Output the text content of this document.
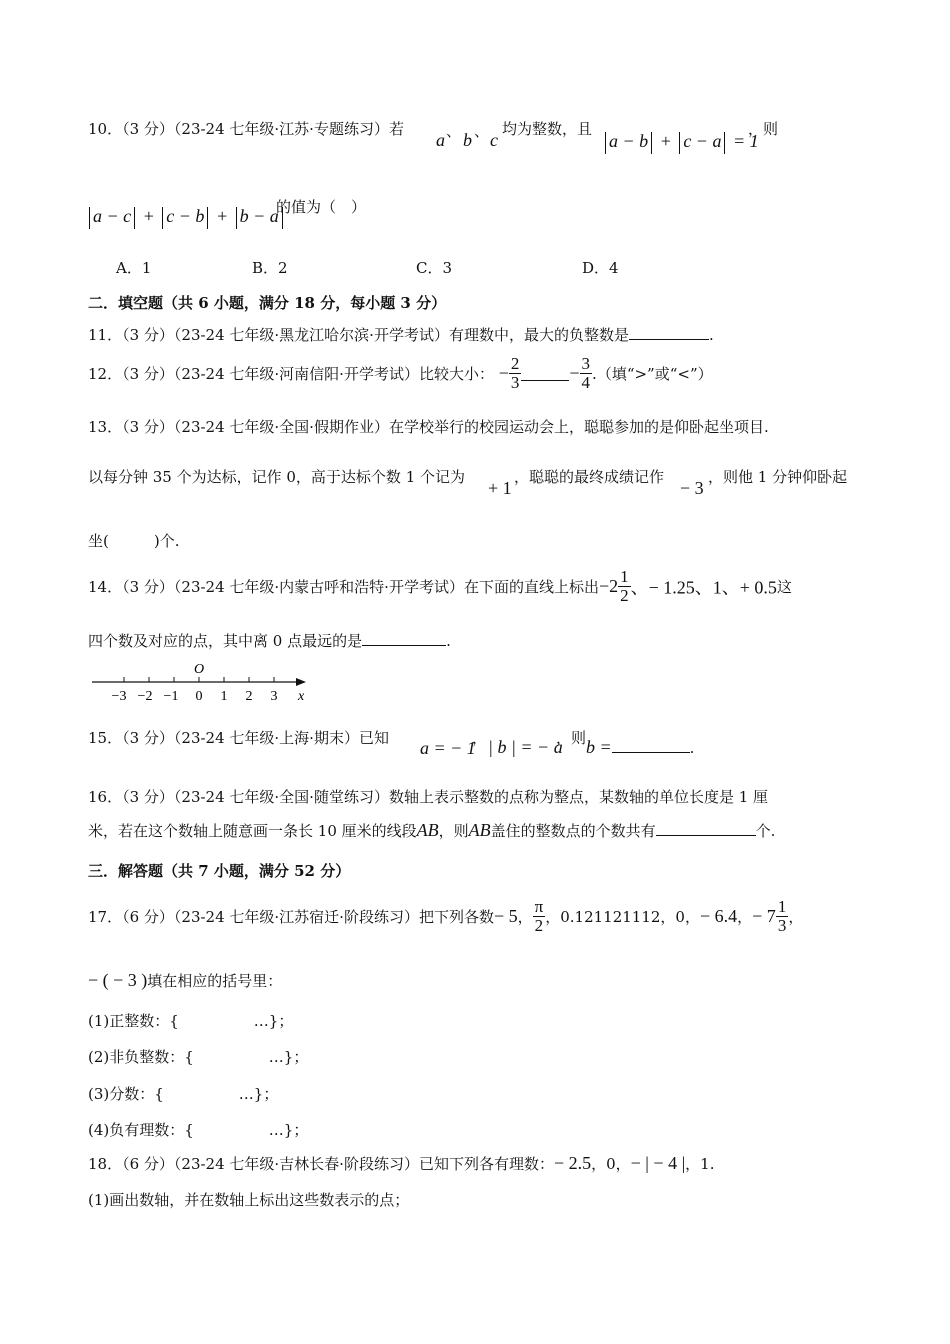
10．（3 分）（23-24 七年级·江苏·专题练习）若
a 、 b 、 c
均为整数，且
a − b + c − a = 1
，则
a − c + c − b + b − a
的值为（　）
A．1	B．2	C．3	D．4
二．填空题（共 6 小题，满分 18 分，每小题 3 分）
11．（3 分）（23-24 七年级·黑龙江哈尔滨·开学考试）有理数中，最大的负整数是	.
12．（3 分）（23-24 七年级·河南信阳·开学考试）比较大小： − $\frac{2}{3}$	− $\frac{3}{4}$ .（填“>”或“<”）
13．（3 分）（23-24 七年级·全国·假期作业）在学校举行的校园运动会上，聪聪参加的是仰卧起坐项目.
以每分钟 35 个为达标，记作 0，高于达标个数 1 个记为
+ 1
，聪聪的最终成绩记作
− 3
，则他 1 分钟仰卧起
坐(　　　)个.
14．（3 分）（23-24 七年级·内蒙古呼和浩特·开学考试）在下面的直线上标出$-2 \frac{1}{2}$ 、− 1.25、1、+ 0.5这
四个数及对应的点，其中离 0 点最远的是	.
O
−3 −2 −1 0 1 2 3 x
15．（3 分）（23-24 七年级·上海·期末）已知 a = − 1
， | b | = − a
，则 b =	.
16．（3 分）（23-24 七年级·全国·随堂练习）数轴上表示整数的点称为整点，某数轴的单位长度是 1 厘
米，若在这个数轴上随意画一条长 10 厘米的线段AB，则AB盖住的整数点的个数共有	个.
三．解答题（共 7 小题，满分 52 分）
17．（6 分）（23-24 七年级·江苏宿迁·阶段练习）把下列各数− 5， $\frac{\pi}{2}$ ，0.121121112，0，− 6.4，− $7 \frac{1}{3}$ ，
− ( − 3 )填在相应的括号里：
(1)正整数：{　　　　　…}；
(2)非负整数：{　　　　　…}；
(3)分数：{　　　　　…}；
(4)负有理数：{　　　　　…}；
18．（6 分）（23-24 七年级·吉林长春·阶段练习）已知下列各有理数：− 2.5，0，− | − 4 |，1.
(1)画出数轴，并在数轴上标出这些数表示的点；
